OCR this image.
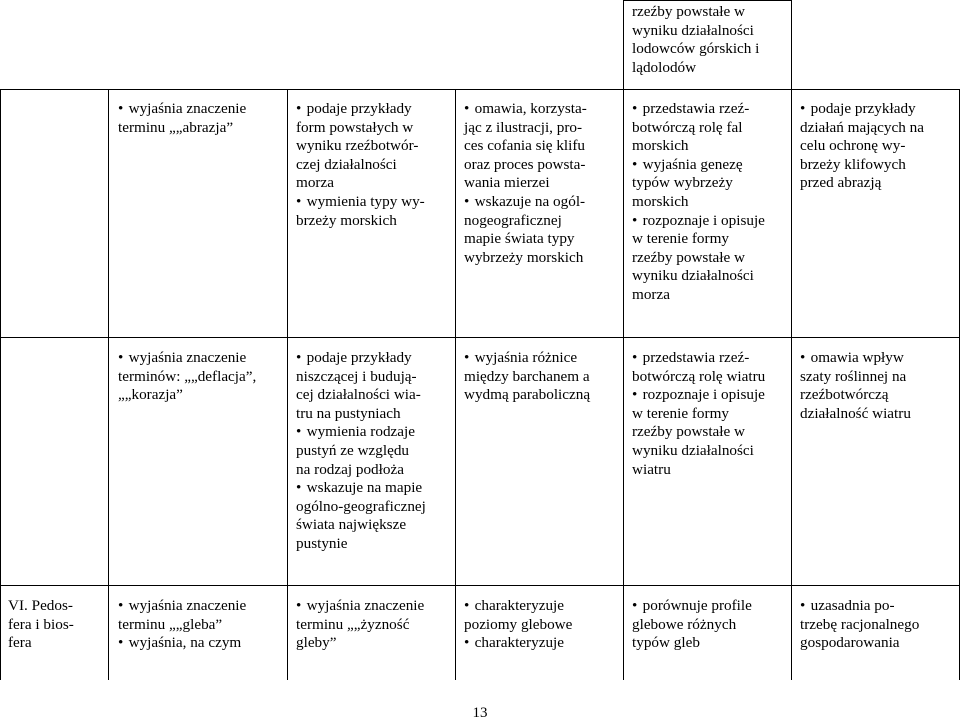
rzeźby powstałe w
wyniku działalności
lodowców górskich i
lądolodów
• wyjaśnia znaczenie
terminu „„abrazja”
• podaje przykłady
form powstałych w
wyniku rzeźbotwór-
czej działalności
morza
• wymienia typy wy-
brzeży morskich
• omawia, korzysta-
jąc z ilustracji, pro-
ces cofania się klifu
oraz proces powsta-
wania mierzei
• wskazuje na ogól-
nogeograficznej
mapie świata typy
wybrzeży morskich
• przedstawia rzeź-
botwórczą rolę fal
morskich
• wyjaśnia genezę
typów wybrzeży
morskich
• rozpoznaje i opisuje
w terenie formy
rzeźby powstałe w
wyniku działalności
morza
• podaje przykłady
działań mających na
celu ochronę wy-
brzeży klifowych
przed abrazją
• wyjaśnia znaczenie
terminów: „„deflacja”,
„„korazja”
• podaje przykłady
niszczącej i budują-
cej działalności wia-
tru na pustyniach
• wymienia rodzaje
pustyń ze względu
na rodzaj podłoża
• wskazuje na mapie
ogólno-geograficznej
świata największe
pustynie
• wyjaśnia różnice
między barchanem a
wydmą paraboliczną
• przedstawia rzeź-
botwórczą rolę wiatru
• rozpoznaje i opisuje
w terenie formy
rzeźby powstałe w
wyniku działalności
wiatru
• omawia wpływ
szaty roślinnej na
rzeźbotwórczą
działalność wiatru
VI. Pedos-
fera i bios-
fera
• wyjaśnia znaczenie
terminu „„gleba”
• wyjaśnia, na czym
• wyjaśnia znaczenie
terminu „„żyzność
gleby”
• charakteryzuje
poziomy glebowe
• charakteryzuje
• porównuje profile
glebowe różnych
typów gleb
• uzasadnia po-
trzebę racjonalnego
gospodarowania
13
